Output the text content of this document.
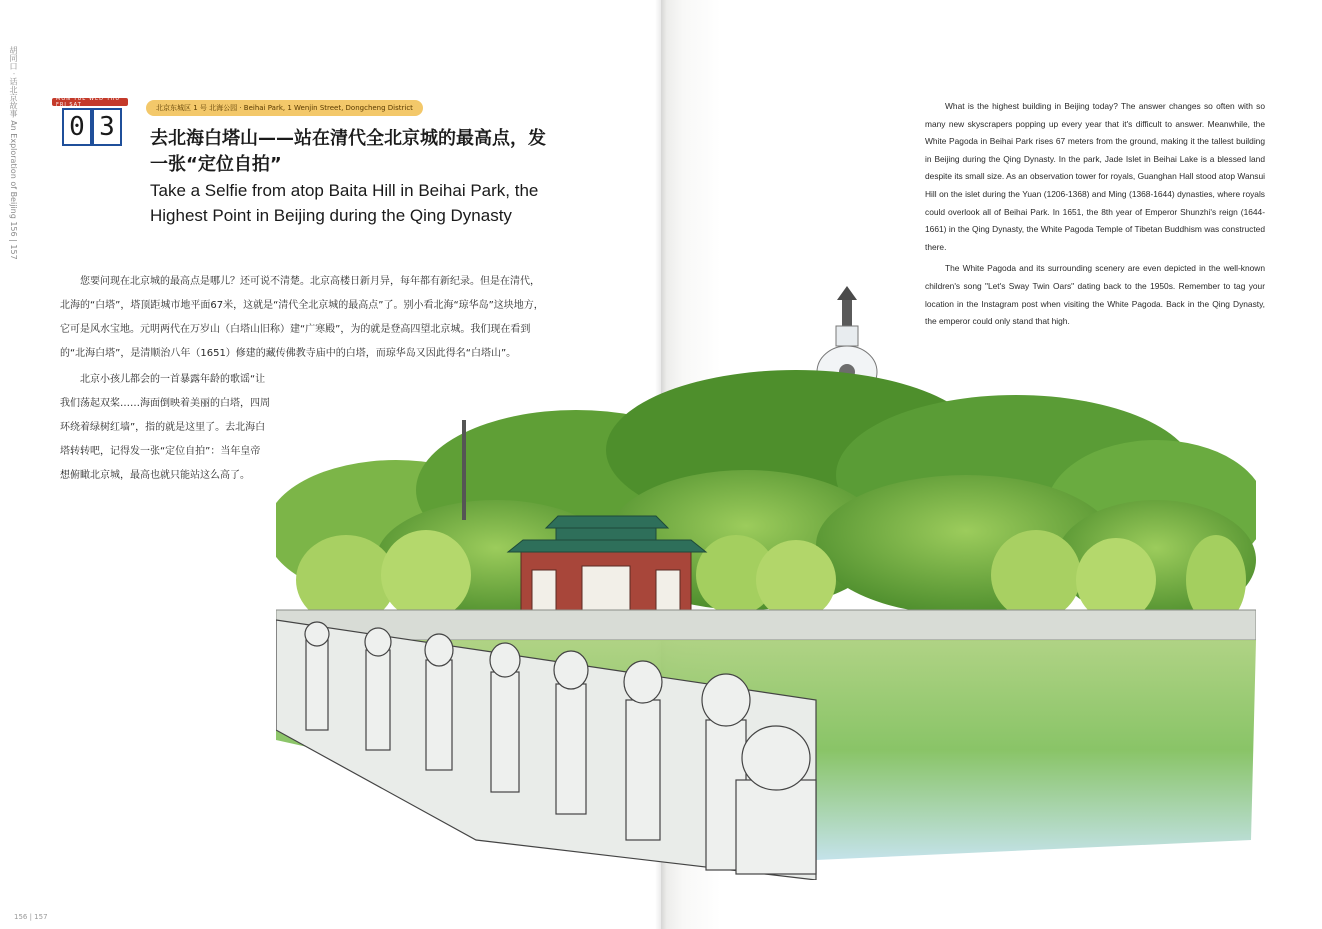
胡同口 · 话北京故事 An Exploration of Beijing 156 | 157
MON TUE WED THU FRI SAT
0 3
北京东城区 1 号 北海公园 · Beihai Park, 1 Wenjin Street, Dongcheng District
去北海白塔山——站在清代全北京城的最高点，发一张“定位自拍”
Take a Selfie from atop Baita Hill in Beihai Park, the Highest Point in Beijing during the Qing Dynasty

您要问现在北京城的最高点是哪儿？还可说不清楚。北京高楼日新月异，每年都有新纪录。但是在清代，北海的“白塔”，塔顶距城市地平面67米，这就是“清代全北京城的最高点”了。别小看北海“琼华岛”这块地方，它可是风水宝地。元明两代在万岁山（白塔山旧称）建“广寒殿”，为的就是登高四望北京城。我们现在看到的“北海白塔”，是清顺治八年（1651）修建的藏传佛教寺庙中的白塔，而琼华岛又因此得名“白塔山”。

北京小孩儿都会的一首暴露年龄的歌谣“让我们荡起双桨……海面倒映着美丽的白塔，四周环绕着绿树红墙”，指的就是这里了。去北海白塔转转吧，记得发一张“定位自拍”：当年皇帝想俯瞰北京城，最高也就只能站这么高了。

What is the highest building in Beijing today? The answer changes so often with so many new skyscrapers popping up every year that it's difficult to answer. Meanwhile, the White Pagoda in Beihai Park rises 67 meters from the ground, making it the tallest building in Beijing during the Qing Dynasty. In the park, Jade Islet in Beihai Lake is a blessed land despite its small size. As an observation tower for royals, Guanghan Hall stood atop Wansui Hill on the islet during the Yuan (1206-1368) and Ming (1368-1644) dynasties, where royals could overlook all of Beihai Park. In 1651, the 8th year of Emperor Shunzhi's reign (1644-1661) in the Qing Dynasty, the White Pagoda Temple of Tibetan Buddhism was constructed there.

The White Pagoda and its surrounding scenery are even depicted in the well-known children's song "Let's Sway Twin Oars" dating back to the 1950s. Remember to tag your location in the Instagram post when visiting the White Pagoda. Back in the Qing Dynasty, the emperor could only stand that high.

156 | 157
